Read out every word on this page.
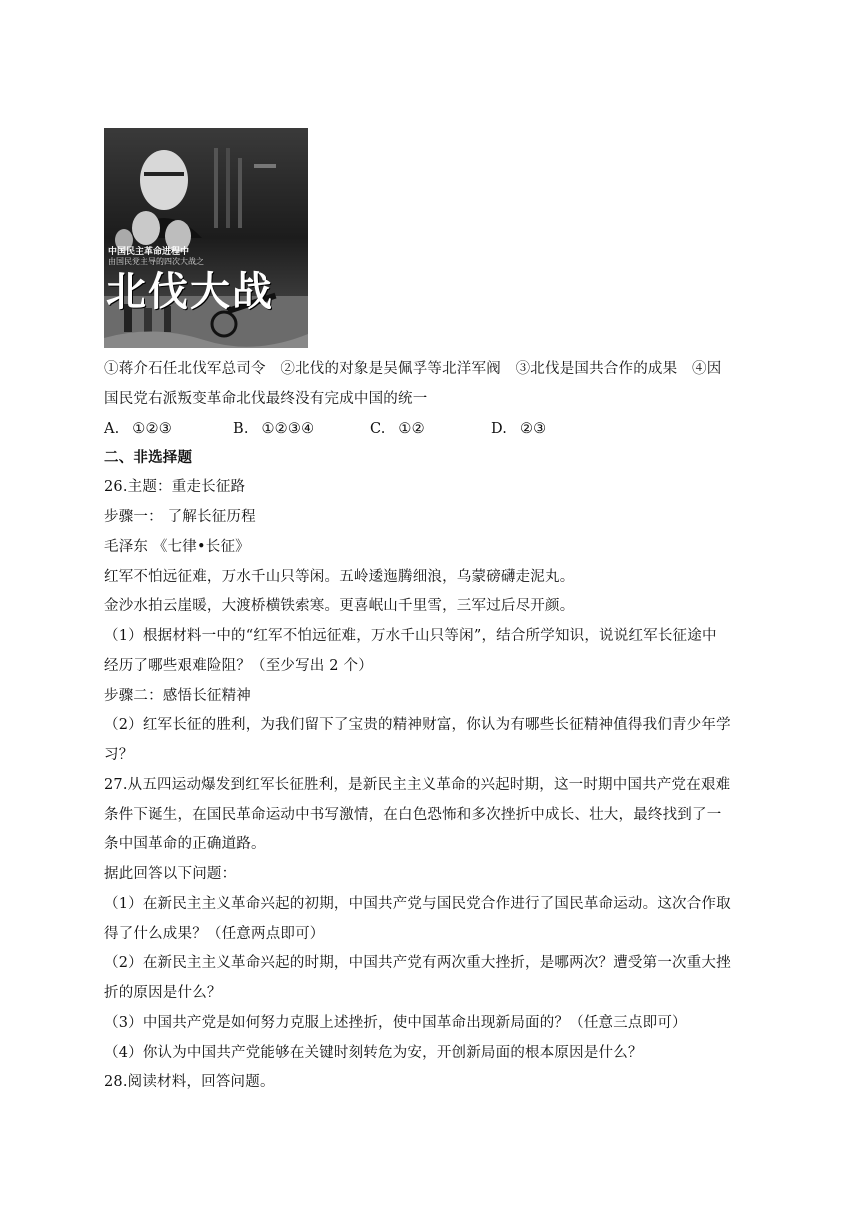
中国民主革命进程中
由国民党主导的四次大战之
北伐大战
①蒋介石任北伐军总司令　②北伐的对象是吴佩孚等北洋军阀　③北伐是国共合作的成果　④因
国民党右派叛变革命北伐最终没有完成中国的统一
A. ①②③	B. ①②③④	C. ①②	D. ②③
二、非选择题
26.主题：重走长征路
步骤一： 了解长征历程
毛泽东 《七律•长征》
红军不怕远征难，万水千山只等闲。五岭逶迤腾细浪，乌蒙磅礴走泥丸。
金沙水拍云崖暖，大渡桥横铁索寒。更喜岷山千里雪，三军过后尽开颜。
（1）根据材料一中的“红军不怕远征难，万水千山只等闲”，结合所学知识，说说红军长征途中
经历了哪些艰难险阻？（至少写出 2 个）
步骤二：感悟长征精神
（2）红军长征的胜利，为我们留下了宝贵的精神财富，你认为有哪些长征精神值得我们青少年学
习？
27.从五四运动爆发到红军长征胜利，是新民主主义革命的兴起时期，这一时期中国共产党在艰难
条件下诞生，在国民革命运动中书写激情，在白色恐怖和多次挫折中成长、壮大，最终找到了一
条中国革命的正确道路。
据此回答以下问题：
（1）在新民主主义革命兴起的初期，中国共产党与国民党合作进行了国民革命运动。这次合作取
得了什么成果？（任意两点即可）
（2）在新民主主义革命兴起的时期，中国共产党有两次重大挫折，是哪两次？遭受第一次重大挫
折的原因是什么？
（3）中国共产党是如何努力克服上述挫折，使中国革命出现新局面的？（任意三点即可）
（4）你认为中国共产党能够在关键时刻转危为安，开创新局面的根本原因是什么？
28.阅读材料，回答问题。
